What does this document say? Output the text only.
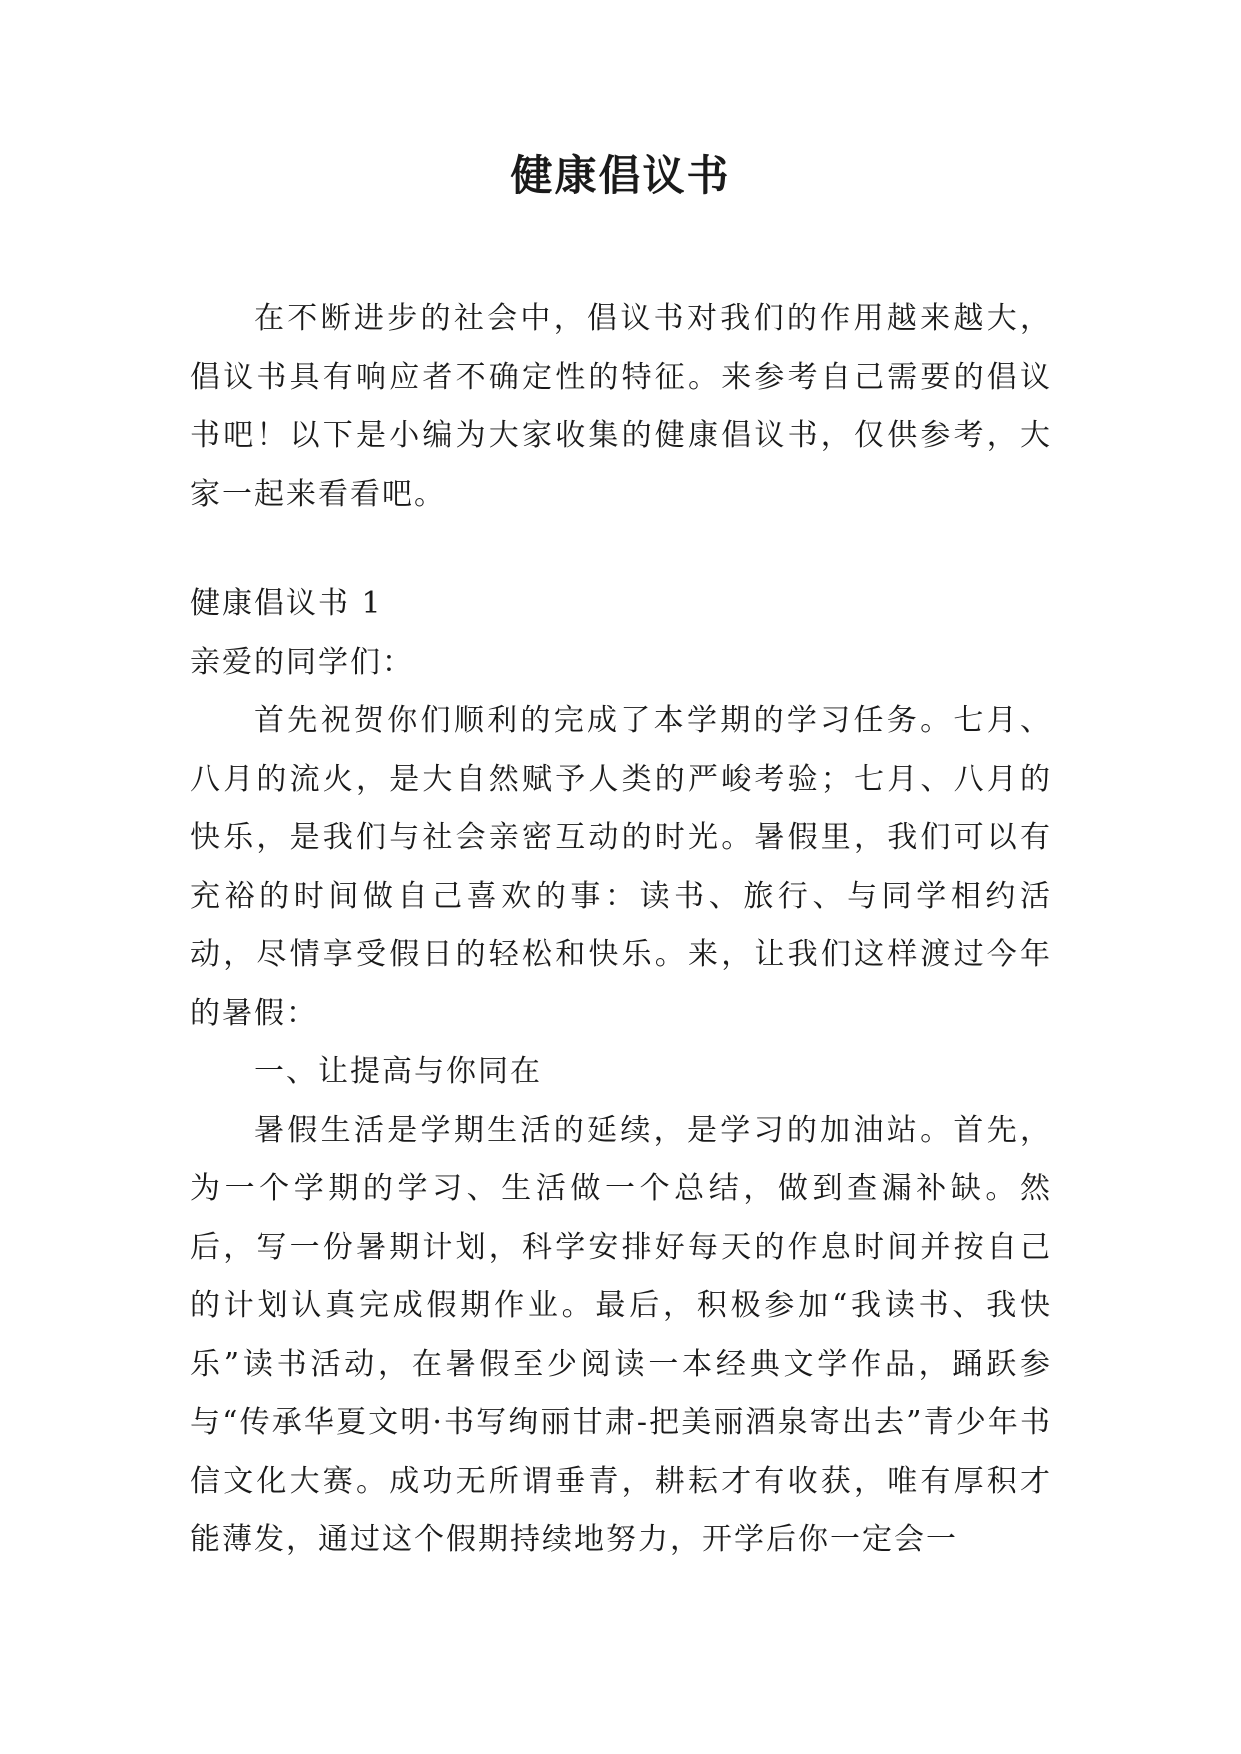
健康倡议书

在不断进步的社会中，倡议书对我们的作用越来越大，倡议书具有响应者不确定性的特征。来参考自己需要的倡议书吧！以下是小编为大家收集的健康倡议书，仅供参考，大家一起来看看吧。

健康倡议书 1

亲爱的同学们：

首先祝贺你们顺利的完成了本学期的学习任务。七月、八月的流火，是大自然赋予人类的严峻考验；七月、八月的快乐，是我们与社会亲密互动的时光。暑假里，我们可以有充裕的时间做自己喜欢的事：读书、旅行、与同学相约活动，尽情享受假日的轻松和快乐。来，让我们这样渡过今年的暑假：

一、让提高与你同在

暑假生活是学期生活的延续，是学习的加油站。首先，为一个学期的学习、生活做一个总结，做到查漏补缺。然后，写一份暑期计划，科学安排好每天的作息时间并按自己的计划认真完成假期作业。最后，积极参加“我读书、我快乐”读书活动，在暑假至少阅读一本经典文学作品，踊跃参与“传承华夏文明·书写绚丽甘肃-把美丽酒泉寄出去”青少年书信文化大赛。成功无所谓垂青，耕耘才有收获，唯有厚积才能薄发，通过这个假期持续地努力，开学后你一定会一
